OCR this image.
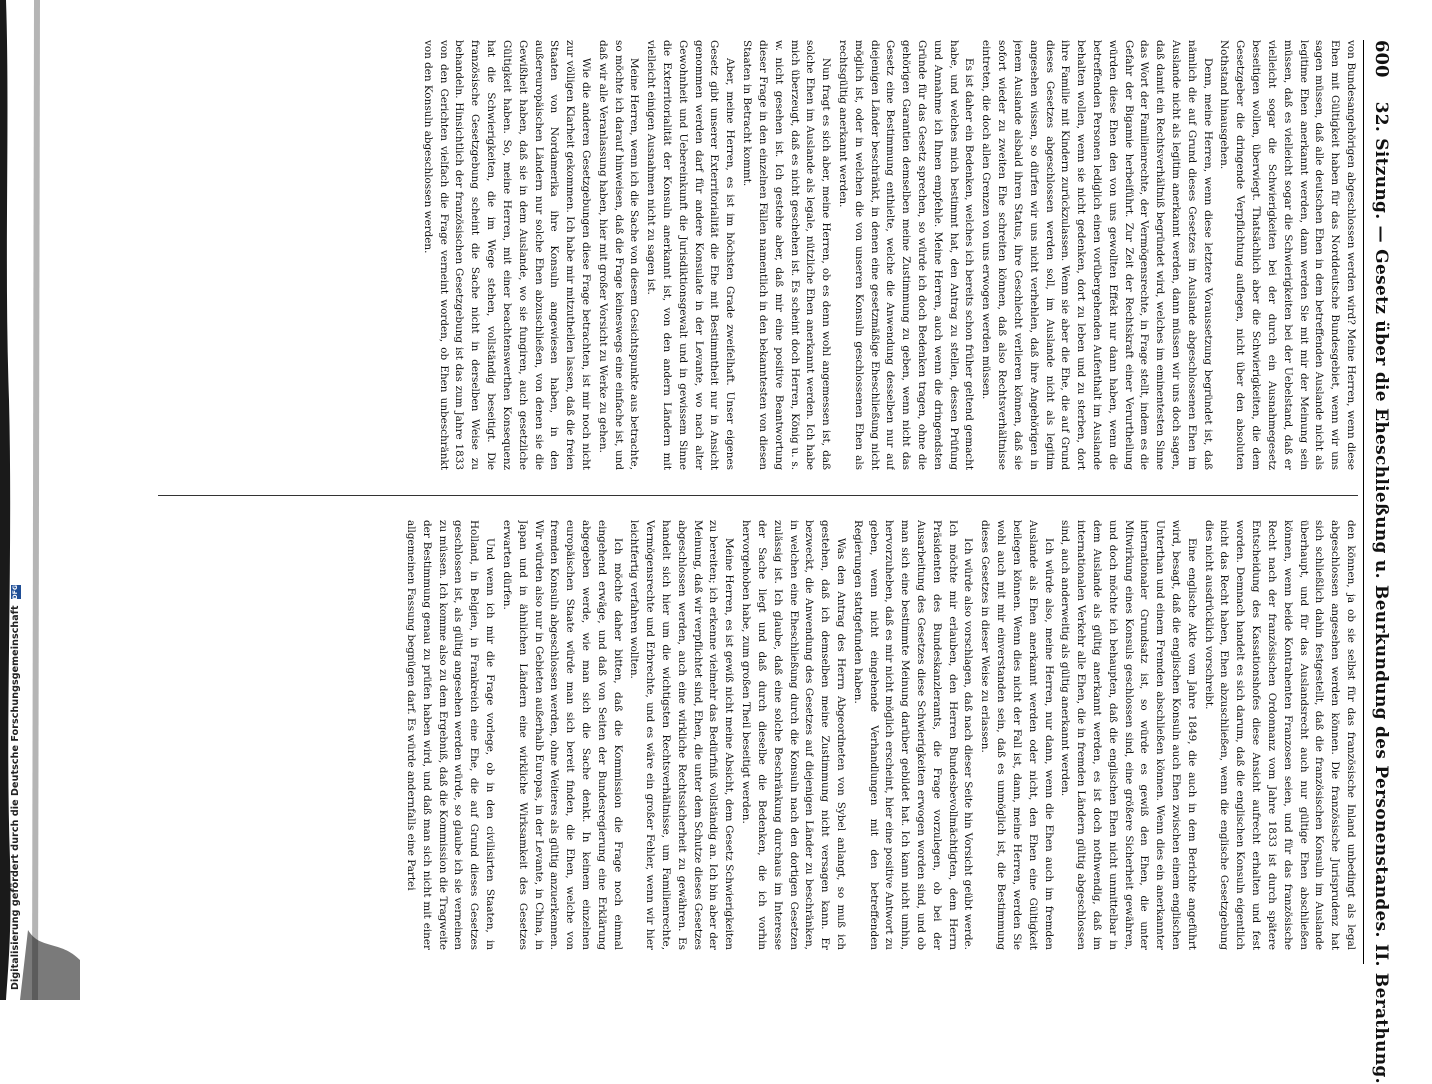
Digitalisierung gefördert durch die Deutsche Forschungsgemeinschaft
DFG
600
32. Sitzung. — Gesetz über die Eheschließung u. Beurkundung des Personenstandes. II. Berathung.

von Bundesangehörigen abgeschlossen werden wird? Meine Herren, wenn diese Ehen mit Gültigkeit haben für das Norddeutsche Bundesgebiet, wenn wir uns sagen müssen, daß alle deutschen Ehen in dem betreffenden Auslande nicht als legitime Ehen anerkannt werden, dann werden Sie mit mir der Meinung sein müssen, daß es vielleicht sogar die Schwierigkeiten bei der Uebelstand, daß er vielleicht sogar die Schwierigkeiten bei der durch ein Ausnahmegesetz beseitigen wollen, überwiegt. Thatsächlich aber die Schwierigkeiten, die dem Gesetzgeber die dringende Verpflichtung auflegen, nicht über den absoluten Nothstand hinausgehen.

Denn, meine Herren, wenn diese letztere Voraussetzung begründet ist, daß nämlich die auf Grund dieses Gesetzes im Auslande abgeschlossenen Ehen im Auslande nicht als legitim anerkannt werden, dann müssen wir uns doch sagen, daß damit ein Rechtsverhältniß begründet wird, welches im eminentesten Sinne das Wort der Familienrechte, der Vermögensrechte, in Frage stellt, indem es die Gefahr der Bigamie herbeiführt. Zur Zeit der Rechtskraft einer Verurtheilung würden diese Ehen den von uns gewollten Effekt nur dann haben, wenn die betreffenden Personen lediglich einen vorübergehenden Aufenthalt im Auslande behalten wollen, wenn sie nicht gedenken, dort zu leben und zu sterben, dort ihre Familie mit Kindern zurückzulassen. Wenn sie aber die Ehe, die auf Grund dieses Gesetzes abgeschlossen werden soll, im Auslande nicht als legitim angesehen wissen, so dürfen wir uns nicht verhehlen, daß ihre Angehörigen in jenem Auslande alsbald ihren Status, ihre Geschlecht verlieren können, daß sie sofort wieder zu zweiten Ehe schreiten können, daß also Rechtsverhältnisse eintreten, die doch allen Grenzen von uns erwogen werden müssen.

Es ist daher ein Bedenken, welches ich bereits schon früher geltend gemacht habe, und welches mich bestimmt hat, den Antrag zu stellen, dessen Prüfung und Annahme ich Ihnen empfehle. Meine Herren, auch wenn die dringendsten Gründe für das Gesetz sprechen, so würde ich doch Bedenken tragen, ohne die gehörigen Garantien demselben meine Zustimmung zu geben, wenn nicht das Gesetz eine Bestimmung enthielte, welche die Anwendung desselben nur auf diejenigen Länder beschränkt, in denen eine gesetzmäßige Eheschließung nicht möglich ist, oder in welchen die von unseren Konsuln geschlossenen Ehen als rechtsgültig anerkannt werden.

Nun fragt es sich aber, meine Herren, ob es denn wohl angemessen ist, daß solche Ehen im Auslande als legale, nützliche Ehen anerkannt werden. Ich habe mich überzeugt, daß es nicht geschehen ist. Es scheint doch Herren, König u. s. w. nicht gesehen ist. Ich gestehe aber, daß mir eine positive Beantwortung dieser Frage in den einzelnen Fällen namentlich in den bekanntesten von diesen Staaten in Betracht kommt.

Aber, meine Herren, es ist im höchsten Grade zweifelhaft. Unser eigenes Gesetz gibt unserer Exterritorialität die Ehe mit Bestimmtheit nur in Ansicht genommen werden darf für andere Konsulate in der Levante, wo nach alter Gewohnheit und Uebereinkunft die Jurisdiktionsgewalt und in gewissem Sinne die Exterritorialität der Konsuln anerkannt ist, von den andern Ländern mit vielleicht einigen Ausnahmen nicht zu sagen ist.

Meine Herren, wenn ich die Sache von diesem Gesichtspunkte aus betrachte, so möchte ich darauf hinweisen, daß die Frage keineswegs eine einfache ist, und daß wir alle Veranlassung haben, hier mit großer Vorsicht zu Werke zu gehen.

Wie die anderen Gesetzgebungen diese Frage betrachten, ist mir noch nicht zur völligen Klarheit gekommen. Ich habe mir mitzutheilen lassen, daß die freien Staaten von Nordamerika ihre Konsuln angewiesen haben, in den außereuropäischen Ländern nur solche Ehen abzuschließen, von denen sie die Gewißheit haben, daß sie in dem Auslande, wo sie fungiren, auch gesetzliche Gültigkeit haben. So, meine Herren, mit einer beachtenswerthen Konsequenz hat die Schwierigkeiten, die im Wege stehen, vollständig beseitigt. Die französische Gesetzgebung scheint die Sache nicht in derselben Weise zu behandeln. Hinsichtlich der französischen Gesetzgebung ist das zum Jahre 1833 von den Gerichten vielfach die Frage verneint worden, ob Ehen unbeschränkt von den Konsuln abgeschlossen werden.

den können, ja ob sie selbst für das französische Inland unbedingt als legal abgeschlossen angesehen werden können. Die französische Jurisprudenz hat sich schließlich dahin festgestellt, daß die französischen Konsuln im Auslande überhaupt, und für das Auslandsrecht auch nur gültige Ehen abschließen können, wenn beide Kontrahenten Franzosen seien, und für das französische Recht nach der französischen Ordonnanz vom Jahre 1833 ist durch spätere Entscheidung des Kassationshofes diese Ansicht aufrecht erhalten und fest worden. Demnach handelt es sich darum, daß die englischen Konsuln eigentlich nicht das Recht haben, Ehen abzuschließen, wenn die englische Gesetzgebung dies nicht ausdrücklich vorschreibt.

Eine englische Akte vom Jahre 1849, die auch in dem Berichte angeführt wird, besagt, daß die englischen Konsuln auch Ehen zwischen einem englischen Unterthan und einem Fremden abschließen können. Wenn dies ein anerkannter internationaler Grundsatz ist, so würde es gewiß den Ehen, die unter Mitwirkung eines Konsuls geschlossen sind, eine größere Sicherheit gewähren, und doch möchte ich behaupten, daß die englischen Ehen nicht unmittelbar in dem Auslande als gültig anerkannt werden, es ist doch nothwendig, daß im internationalen Verkehr alle Ehen, die in fremden Ländern gültig abgeschlossen sind, auch anderweitig als gültig anerkannt werden.

Ich würde also, meine Herren, nur dann, wenn die Ehen auch im fremden Auslande als Ehen anerkannt werden oder nicht, den Ehen eine Gültigkeit beilegen können. Wenn dies nicht der Fall ist, dann, meine Herren, werden Sie wohl auch mit mir einverstanden sein, daß es unmöglich ist, die Bestimmung dieses Gesetzes in dieser Weise zu erlassen.

Ich würde also vorschlagen, daß nach dieser Seite hin Vorsicht geübt werde. Ich möchte mir erlauben, den Herren Bundesbevollmächtigten, dem Herrn Präsidenten des Bundeskanzleramts, die Frage vorzulegen, ob bei der Ausarbeitung des Gesetzes diese Schwierigkeiten erwogen worden sind, und ob man sich eine bestimmte Meinung darüber gebildet hat. Ich kann nicht umhin, hervorzuheben, daß es mir nicht möglich erscheint, hier eine positive Antwort zu geben, wenn nicht eingehende Verhandlungen mit den betreffenden Regierungen stattgefunden haben.

Was den Antrag des Herrn Abgeordneten von Sybel anlangt, so muß ich gestehen, daß ich demselben meine Zustimmung nicht versagen kann. Er bezweckt, die Anwendung des Gesetzes auf diejenigen Länder zu beschränken, in welchen eine Eheschließung durch die Konsuln nach den dortigen Gesetzen zulässig ist. Ich glaube, daß eine solche Beschränkung durchaus im Interesse der Sache liegt und daß durch dieselbe die Bedenken, die ich vorhin hervorgehoben habe, zum großen Theil beseitigt werden.

Meine Herren, es ist gewiß nicht meine Absicht, dem Gesetz Schwierigkeiten zu bereiten; ich erkenne vielmehr das Bedürfniß vollständig an. Ich bin aber der Meinung, daß wir verpflichtet sind, Ehen, die unter dem Schutze dieses Gesetzes abgeschlossen werden, auch eine wirkliche Rechtssicherheit zu gewähren. Es handelt sich hier um die wichtigsten Rechtsverhältnisse, um Familienrechte, Vermögensrechte und Erbrechte, und es wäre ein großer Fehler, wenn wir hier leichtfertig verfahren wollten.

Ich möchte daher bitten, daß die Kommission die Frage noch einmal eingehend erwäge, und daß von Seiten der Bundesregierung eine Erklärung abgegeben werde, wie man sich die Sache denkt. In keinem einzelnen europäischen Staate würde man sich bereit finden, die Ehen, welche von fremden Konsuln abgeschlossen werden, ohne Weiteres als gültig anzuerkennen. Wir würden also nur in Gebieten außerhalb Europas, in der Levante, in China, in Japan und in ähnlichen Ländern eine wirkliche Wirksamkeit des Gesetzes erwarten dürfen.

Und wenn ich mir die Frage vorlege, ob in den civilisirten Staaten, in Holland, in Belgien, in Frankreich eine Ehe, die auf Grund dieses Gesetzes geschlossen ist, als gültig angesehen werden würde, so glaube ich sie verneinen zu müssen. Ich komme also zu dem Ergebniß, daß die Kommission die Tragweite der Bestimmung genau zu prüfen haben wird, und daß man sich nicht mit einer allgemeinen Fassung begnügen darf. Es würde andernfalls eine Partei
